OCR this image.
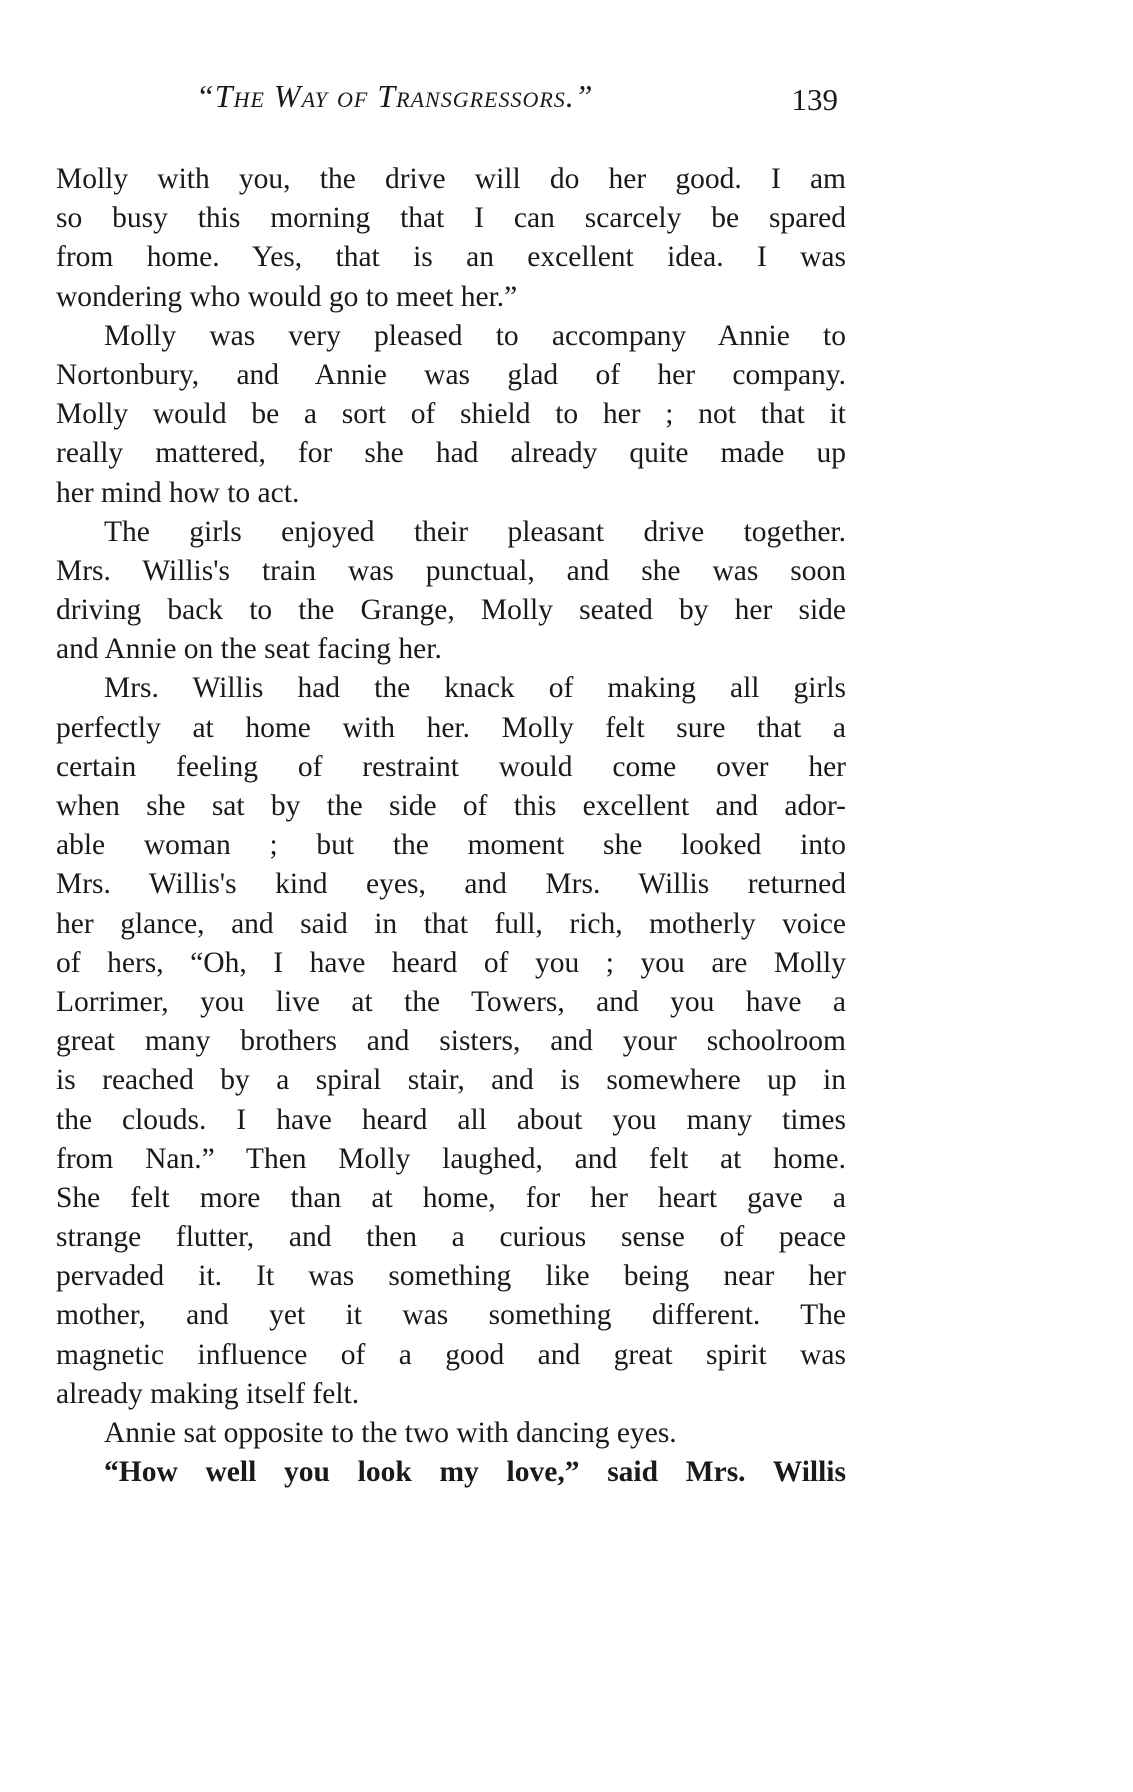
“The Way of Transgressors.”	139
Molly with you, the drive will do her good. I am
so busy this morning that I can scarcely be spared
from home. Yes, that is an excellent idea. I was
wondering who would go to meet her.”
Molly was very pleased to accompany Annie to
Nortonbury, and Annie was glad of her company.
Molly would be a sort of shield to her ; not that it
really mattered, for she had already quite made up
her mind how to act.
The girls enjoyed their pleasant drive together.
Mrs. Willis's train was punctual, and she was soon
driving back to the Grange, Molly seated by her side
and Annie on the seat facing her.
Mrs. Willis had the knack of making all girls
perfectly at home with her. Molly felt sure that a
certain feeling of restraint would come over her
when she sat by the side of this excellent and ador-
able woman ; but the moment she looked into
Mrs. Willis's kind eyes, and Mrs. Willis returned
her glance, and said in that full, rich, motherly voice
of hers, “Oh, I have heard of you ; you are Molly
Lorrimer, you live at the Towers, and you have a
great many brothers and sisters, and your schoolroom
is reached by a spiral stair, and is somewhere up in
the clouds. I have heard all about you many times
from Nan.” Then Molly laughed, and felt at home.
She felt more than at home, for her heart gave a
strange flutter, and then a curious sense of peace
pervaded it. It was something like being near her
mother, and yet it was something different. The
magnetic influence of a good and great spirit was
already making itself felt.
Annie sat opposite to the two with dancing eyes.
“How well you look my love,” said Mrs. Willis
